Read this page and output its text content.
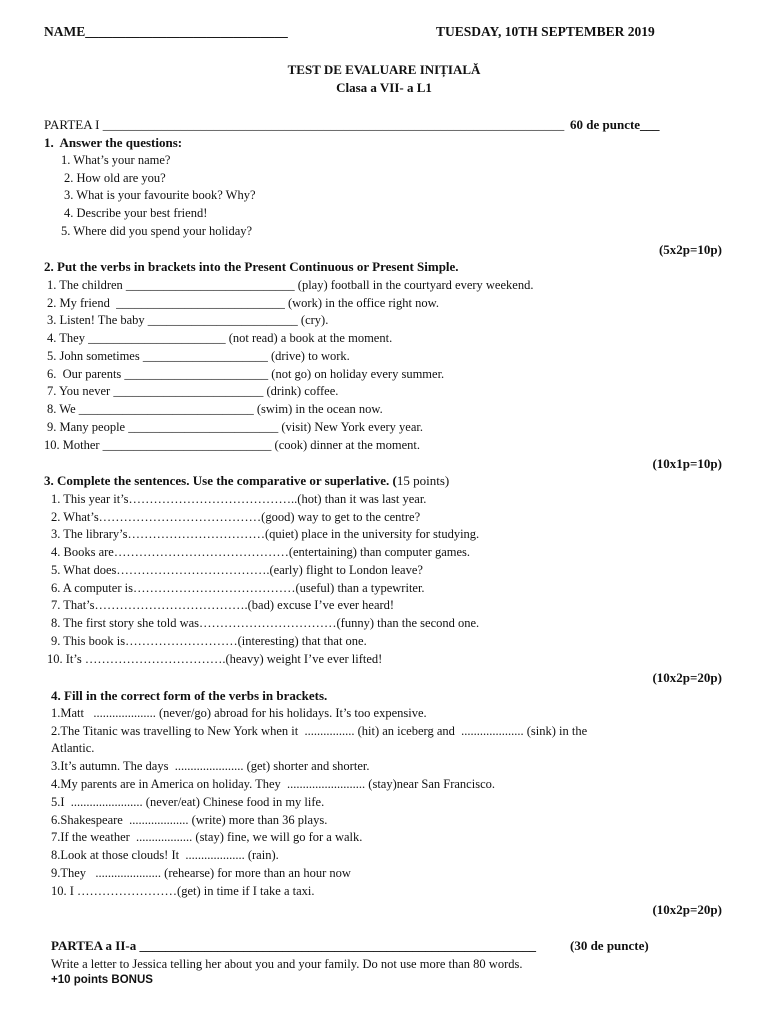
NAME______________________________	TUESDAY, 10TH SEPTEMBER 2019
TEST DE EVALUARE INIȚIALĂ
Clasa a VII- a L1
PARTEA I _______________________________________________________________________ 60 de puncte___
1.  Answer the questions:
1. What’s your name?
2. How old are you?
3. What is your favourite book? Why?
4. Describe your best friend!
5. Where did you spend your holiday?
(5x2p=10p)
2. Put the verbs in brackets into the Present Continuous or Present Simple.
1. The children ___________________________ (play) football in the courtyard every weekend.
2. My friend  ___________________________ (work) in the office right now.
3. Listen! The baby ________________________ (cry).
4. They ______________________ (not read) a book at the moment.
5. John sometimes ____________________ (drive) to work.
6.  Our parents _______________________ (not go) on holiday every summer.
7. You never ________________________ (drink) coffee.
8. We ____________________________ (swim) in the ocean now.
9. Many people ________________________ (visit) New York every year.
10. Mother ___________________________ (cook) dinner at the moment.
(10x1p=10p)
3. Complete the sentences. Use the comparative or superlative. (15 points)
1. This year it’s…………………………………..(hot) than it was last year.
2. What’s…………………………………(good) way to get to the centre?
3. The library’s……………………………(quiet) place in the university for studying.
4. Books are……………………………………(entertaining) than computer games.
5. What does……………………………….(early) flight to London leave?
6. A computer is…………………………………(useful) than a typewriter.
7. That’s……………………………….(bad) excuse I’ve ever heard!
8. The first story she told was……………………………(funny) than the second one.
9. This book is………………………(interesting) that that one.
10. It’s …………………………….(heavy) weight I’ve ever lifted!
(10x2p=20p)
4. Fill in the correct form of the verbs in brackets.
1.Matt   .................... (never/go) abroad for his holidays. It’s too expensive.
2.The Titanic was travelling to New York when it  ................ (hit) an iceberg and  .................... (sink) in the
Atlantic.
3.It’s autumn. The days  ...................... (get) shorter and shorter.
4.My parents are in America on holiday. They  ......................... (stay)near San Francisco.
5.I  ....................... (never/eat) Chinese food in my life.
6.Shakespeare  ................... (write) more than 36 plays.
7.If the weather  .................. (stay) fine, we will go for a walk.
8.Look at those clouds! It  ................... (rain).
9.They   ..................... (rehearse) for more than an hour now
10. I ……………………(get) in time if I take a taxi.
(10x2p=20p)
PARTEA a II-a _____________________________________________________________	(30 de puncte)
Write a letter to Jessica telling her about you and your family. Do not use more than 80 words.
+10 points BONUS
